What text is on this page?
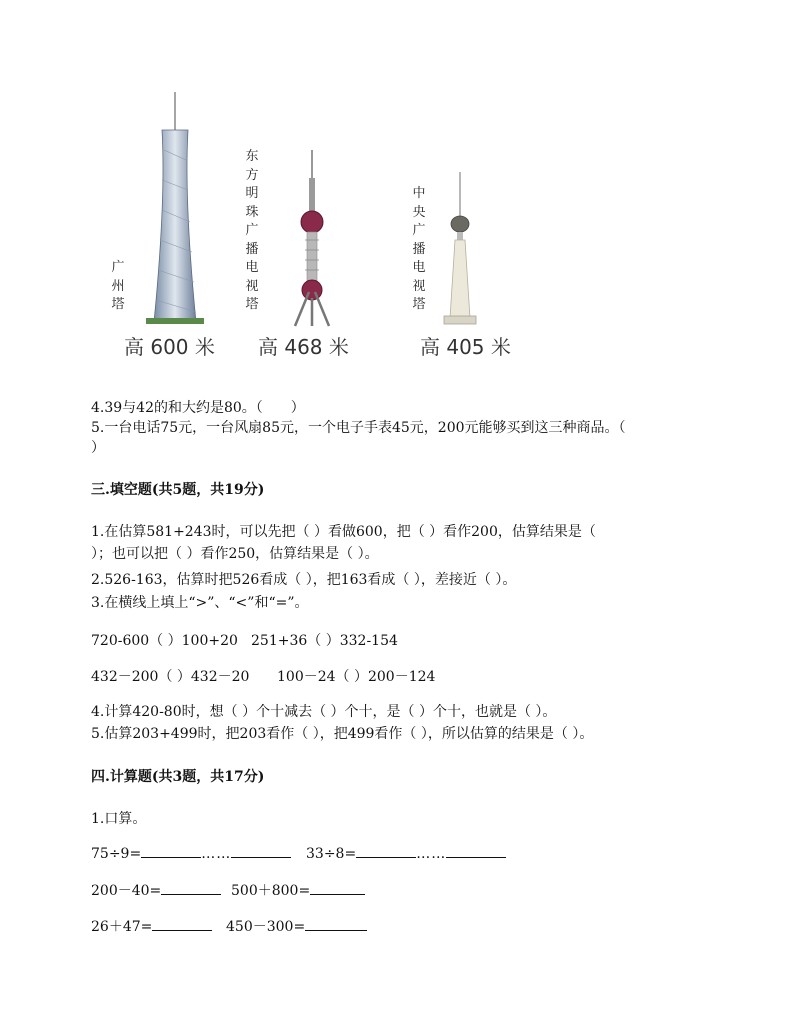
广
州
塔
东
方
明
珠
广
播
电
视
塔
中
央
广
播
电
视
塔
高 600 米 高 468 米	高 405 米
4.39与42的和大约是80。（　　）
5.一台电话75元，一台风扇85元，一个电子手表45元，200元能够买到这三种商品。（
）
三.填空题(共5题，共19分)
1.在估算581+243时，可以先把（ ）看做600，把（ ）看作200，估算结果是（
）；也可以把（ ）看作250，估算结果是（ ）。
2.526-163，估算时把526看成（ ），把163看成（ ），差接近（ ）。
3.在横线上填上“>”、“<”和“=”。
720-600（ ）100+20 251+36（ ）332-154
432－200（ ）432－20 100－24（ ）200－124
4.计算420-80时，想（ ）个十减去（ ）个十，是（ ）个十，也就是（ ）。
5.估算203+499时，把203看作（ ），把499看作（ ），所以估算的结果是（ ）。
四.计算题(共3题，共17分)
1.口算。
75÷9=	……	33÷8=	……
200－40=	500＋800=
26＋47=	450－300=
